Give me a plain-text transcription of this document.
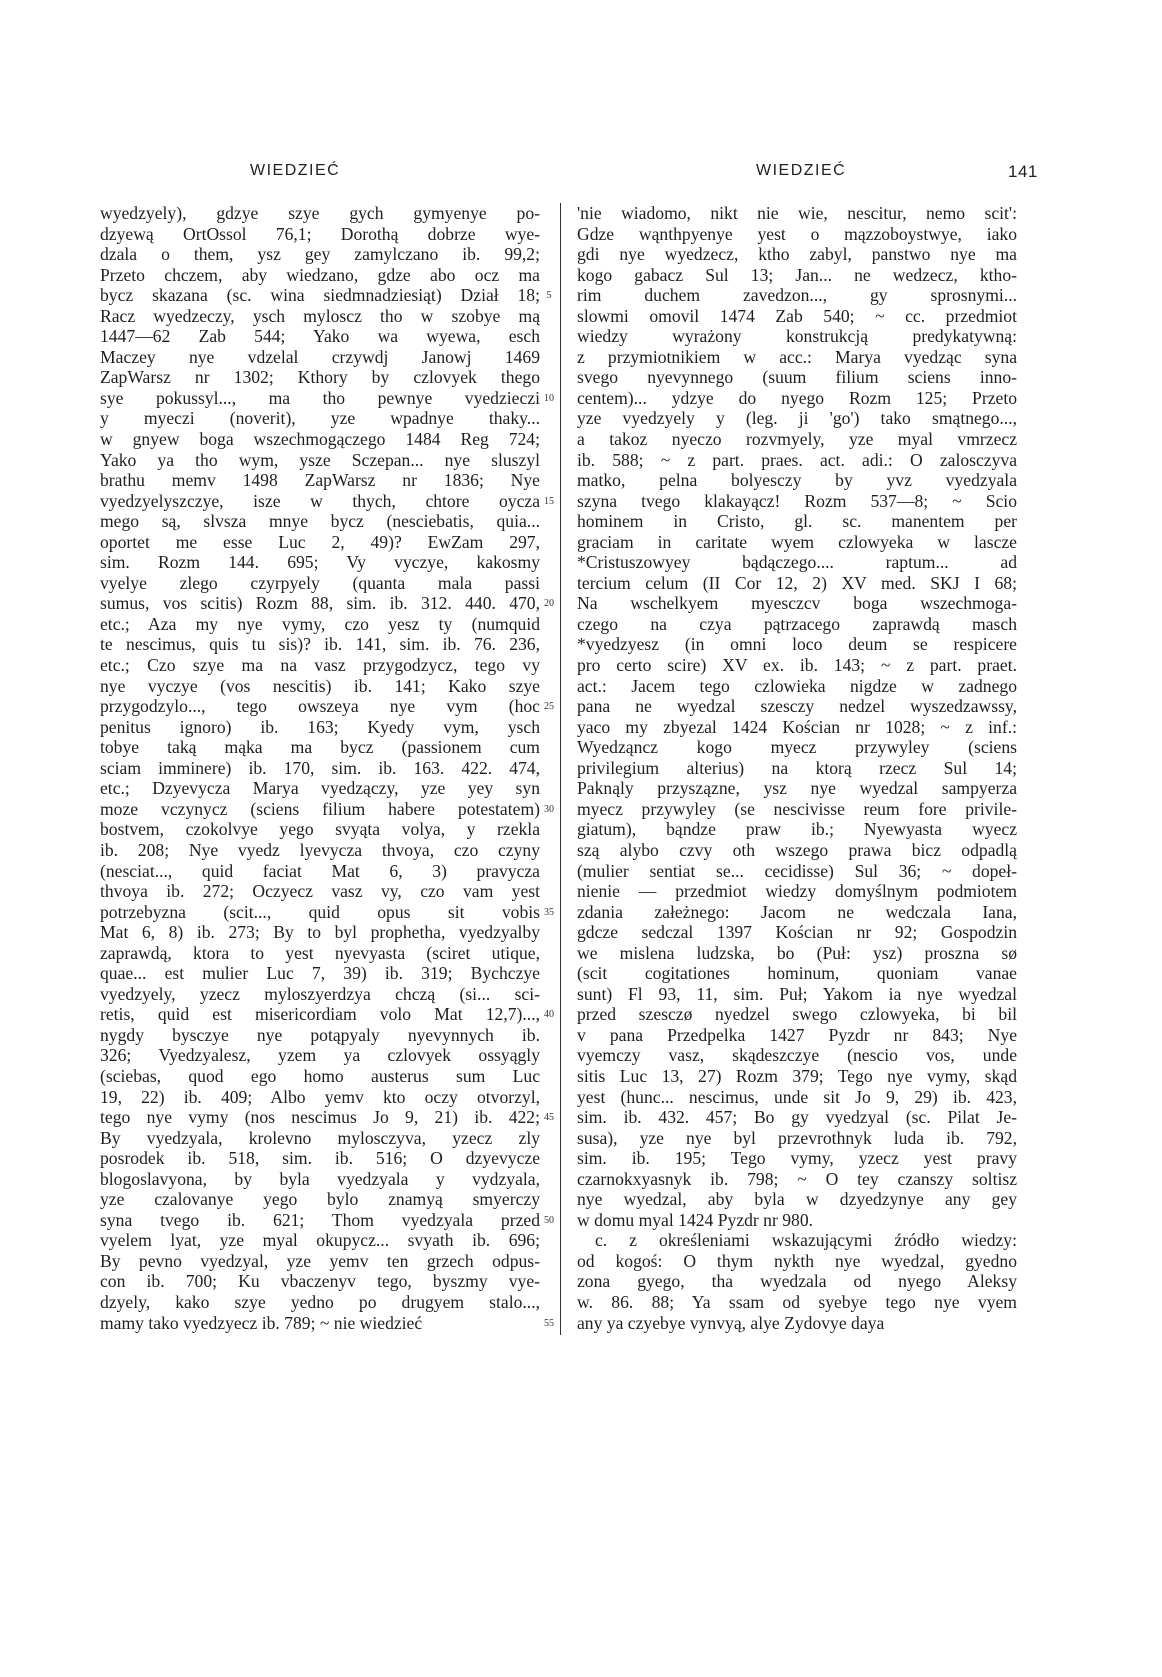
WIEDZIEĆ	WIEDZIEĆ	141
wyedzyely), gdzye szye gych gymyenye po-
dzyewą OrtOssol 76,1; Dorothą dobrze wye-
dzala o them, ysz gey zamylczano ib. 99,2;
Przeto chczem, aby wiedzano, gdze abo ocz ma
bycz skazana (sc. wina siedmnadziesiąt) Dział 18;
Racz wyedzeczy, ysch myloscz tho w szobye mą
1447—62 Zab 544; Yako wa wyewa, esch
Maczey nye vdzelal crzywdj Janowj 1469
ZapWarsz nr 1302; Kthory by czlovyek thego
sye pokussyl..., ma tho pewnye vyedzieczi
y myeczi (noverit), yze wpadnye thaky...
w gnyew boga wszechmogączego 1484 Reg 724;
Yako ya tho wym, ysze Sczepan... nye sluszyl
brathu memv 1498 ZapWarsz nr 1836; Nye
vyedzyelyszczye, isze w thych, chtore oycza
mego są, slvsza mnye bycz (nesciebatis, quia...
oportet me esse Luc 2, 49)? EwZam 297,
sim. Rozm 144. 695; Vy vyczye, kakosmy
vyelye zlego czyrpyely (quanta mala passi
sumus, vos scitis) Rozm 88, sim. ib. 312. 440. 470,
etc.; Aza my nye vymy, czo yesz ty (numquid
te nescimus, quis tu sis)? ib. 141, sim. ib. 76. 236,
etc.; Czo szye ma na vasz przygodzycz, tego vy
nye vyczye (vos nescitis) ib. 141; Kako szye
przygodzylo..., tego owszeya nye vym (hoc
penitus ignoro) ib. 163; Kyedy vym, ysch
tobye taką mąka ma bycz (passionem cum
sciam imminere) ib. 170, sim. ib. 163. 422. 474,
etc.; Dzyevycza Marya vyedzączy, yze yey syn
moze vczynycz (sciens filium habere potestatem)
bostvem, czokolvye yego svyąta volya, y rzekla
ib. 208; Nye vyedz lyevycza thvoya, czo czyny
(nesciat..., quid faciat Mat 6, 3) pravycza
thvoya ib. 272; Oczyecz vasz vy, czo vam yest
potrzebyzna (scit..., quid opus sit vobis
Mat 6, 8) ib. 273; By to byl prophetha, vyedzyalby
zaprawdą, ktora to yest nyevyasta (sciret utique,
quae... est mulier Luc 7, 39) ib. 319; Bychczye
vyedzyely, yzecz myloszyerdzya chczą (si... sci-
retis, quid est misericordiam volo Mat 12,7)...,
nygdy bysczye nye potąpyaly nyevynnych ib.
326; Vyedzyalesz, yzem ya czlovyek ossyągly
(sciebas, quod ego homo austerus sum Luc
19, 22) ib. 409; Albo yemv kto oczy otvorzyl,
tego nye vymy (nos nescimus Jo 9, 21) ib. 422;
By vyedzyala, krolevno mylosczyva, yzecz zly
posrodek ib. 518, sim. ib. 516; O dzyevycze
blogoslavyona, by byla vyedzyala y vydzyala,
yze czalovanye yego bylo znamyą smyerczy
syna tvego ib. 621; Thom vyedzyala przed
vyelem lyat, yze myal okupycz... svyath ib. 696;
By pevno vyedzyal, yze yemv ten grzech odpus-
con ib. 700; Ku vbaczenyv tego, byszmy vye-
dzyely, kako szye yedno po drugyem stalo...,
mamy tako vyedzyecz ib. 789; ~ nie wiedzieć
5
10
15
20
25
30
35
40
45
50
55
'nie wiadomo, nikt nie wie, nescitur, nemo scit':
Gdze wąnthpyenye yest o mązzoboystwye, iako
gdi nye wyedzecz, ktho zabyl, panstwo nye ma
kogo gabacz Sul 13; Jan... ne wedzecz, ktho-
rim duchem zavedzon..., gy sprosnymi...
slowmi omovil 1474 Zab 540; ~ cc. przedmiot
wiedzy wyrażony konstrukcją predykatywną:
z przymiotnikiem w acc.: Marya vyedząc syna
svego nyevynnego (suum filium sciens inno-
centem)... ydzye do nyego Rozm 125; Przeto
yze vyedzyely y (leg. ji 'go') tako smątnego...,
a takoz nyeczo rozvmyely, yze myal vmrzecz
ib. 588; ~ z part. praes. act. adi.: O zalosczyva
matko, pelna bolyesczy by yvz vyedzyala
szyna tvego klakayącz! Rozm 537—8; ~ Scio
hominem in Cristo, gl. sc. manentem per
graciam in caritate wyem czlowyeka w lascze
*Cristuszowyey bądączego.... raptum... ad
tercium celum (II Cor 12, 2) XV med. SKJ I 68;
Na wschelkyem myesczcv boga wszechmoga-
czego na czya pątrzacego zaprawdą masch
*vyedzyesz (in omni loco deum se respicere
pro certo scire) XV ex. ib. 143; ~ z part. praet.
act.: Jacem tego czlowieka nigdze w zadnego
pana ne wyedzal szesczy nedzel wyszedzawssy,
yaco my zbyezal 1424 Kościan nr 1028; ~ z inf.:
Wyedząncz kogo myecz przywyley (sciens
privilegium alterius) na ktorą rzecz Sul 14;
Paknąly przyszązne, ysz nye wyedzal sampyerza
myecz przywyley (se nescivisse reum fore privile-
giatum), bąndze praw ib.; Nyewyasta wyecz
szą alybo czvy oth wszego prawa bicz odpadlą
(mulier sentiat se... cecidisse) Sul 36; ~ dopeł-
nienie — przedmiot wiedzy domyślnym podmiotem
zdania załeżnego: Jacom ne wedczala Iana,
gdcze sedczal 1397 Kościan nr 92; Gospodzin
we mislena ludzska, bo (Puł: ysz) proszna sø
(scit cogitationes hominum, quoniam vanae
sunt) Fl 93, 11, sim. Puł; Yakom ia nye wyedzal
przed szesczø nyedzel swego czlowyeka, bi bil
v pana Przedpelka 1427 Pyzdr nr 843; Nye
vyemczy vasz, skądeszczye (nescio vos, unde
sitis Luc 13, 27) Rozm 379; Tego nye vymy, skąd
yest (hunc... nescimus, unde sit Jo 9, 29) ib. 423,
sim. ib. 432. 457; Bo gy vyedzyal (sc. Pilat Je-
susa), yze nye byl przevrothnyk luda ib. 792,
sim. ib. 195; Tego vymy, yzecz yest pravy
czarnokxyasnyk ib. 798; ~ O tey czanszy soltisz
nye wyedzal, aby byla w dzyedzynye any gey
w domu myal 1424 Pyzdr nr 980.
c. z określeniami wskazującymi źródło wiedzy:
od kogoś: O thym nykth nye wyedzal, gyedno
zona gyego, tha wyedzala od nyego Aleksy
w. 86. 88; Ya ssam od syebye tego nye vyem
any ya czyebye vynvyą, alye Zydovye daya
